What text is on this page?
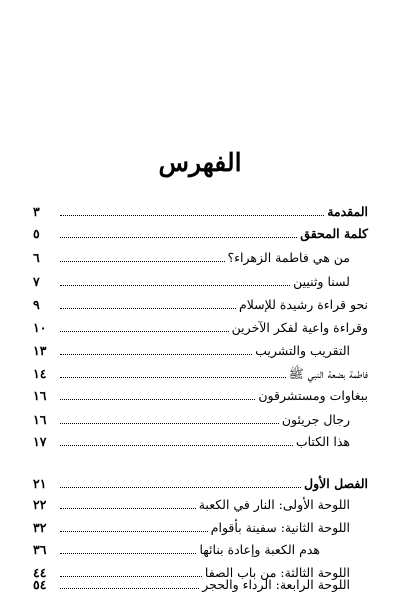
الفهرس
المقدمة
٣
كلمة المحقق
٥
من هي فاطمة الزهراء؟
٦
لسنا وثنيين
٧
نحو قراءة رشيدة للإسلام
٩
وقراءة واعية لفكر الآخرين
١٠
التقريب والتشريب
١٣
فاطمة بضعة النبي ﷺ
١٤
ببغاوات ومستشرقون
١٦
رجال جريئون
١٦
هذا الكتاب
١٧
الفصل الأول
٢١
اللوحة الأولى: النار في الكعبة
٢٢
اللوحة الثانية: سفينة بأقوام
٣٢
هدم الكعبة وإعادة بنائها
٣٦
اللوحة الثالثة: من باب الصفا
٤٤
اللوحة الرابعة: الرداء والحجر
٥٤
